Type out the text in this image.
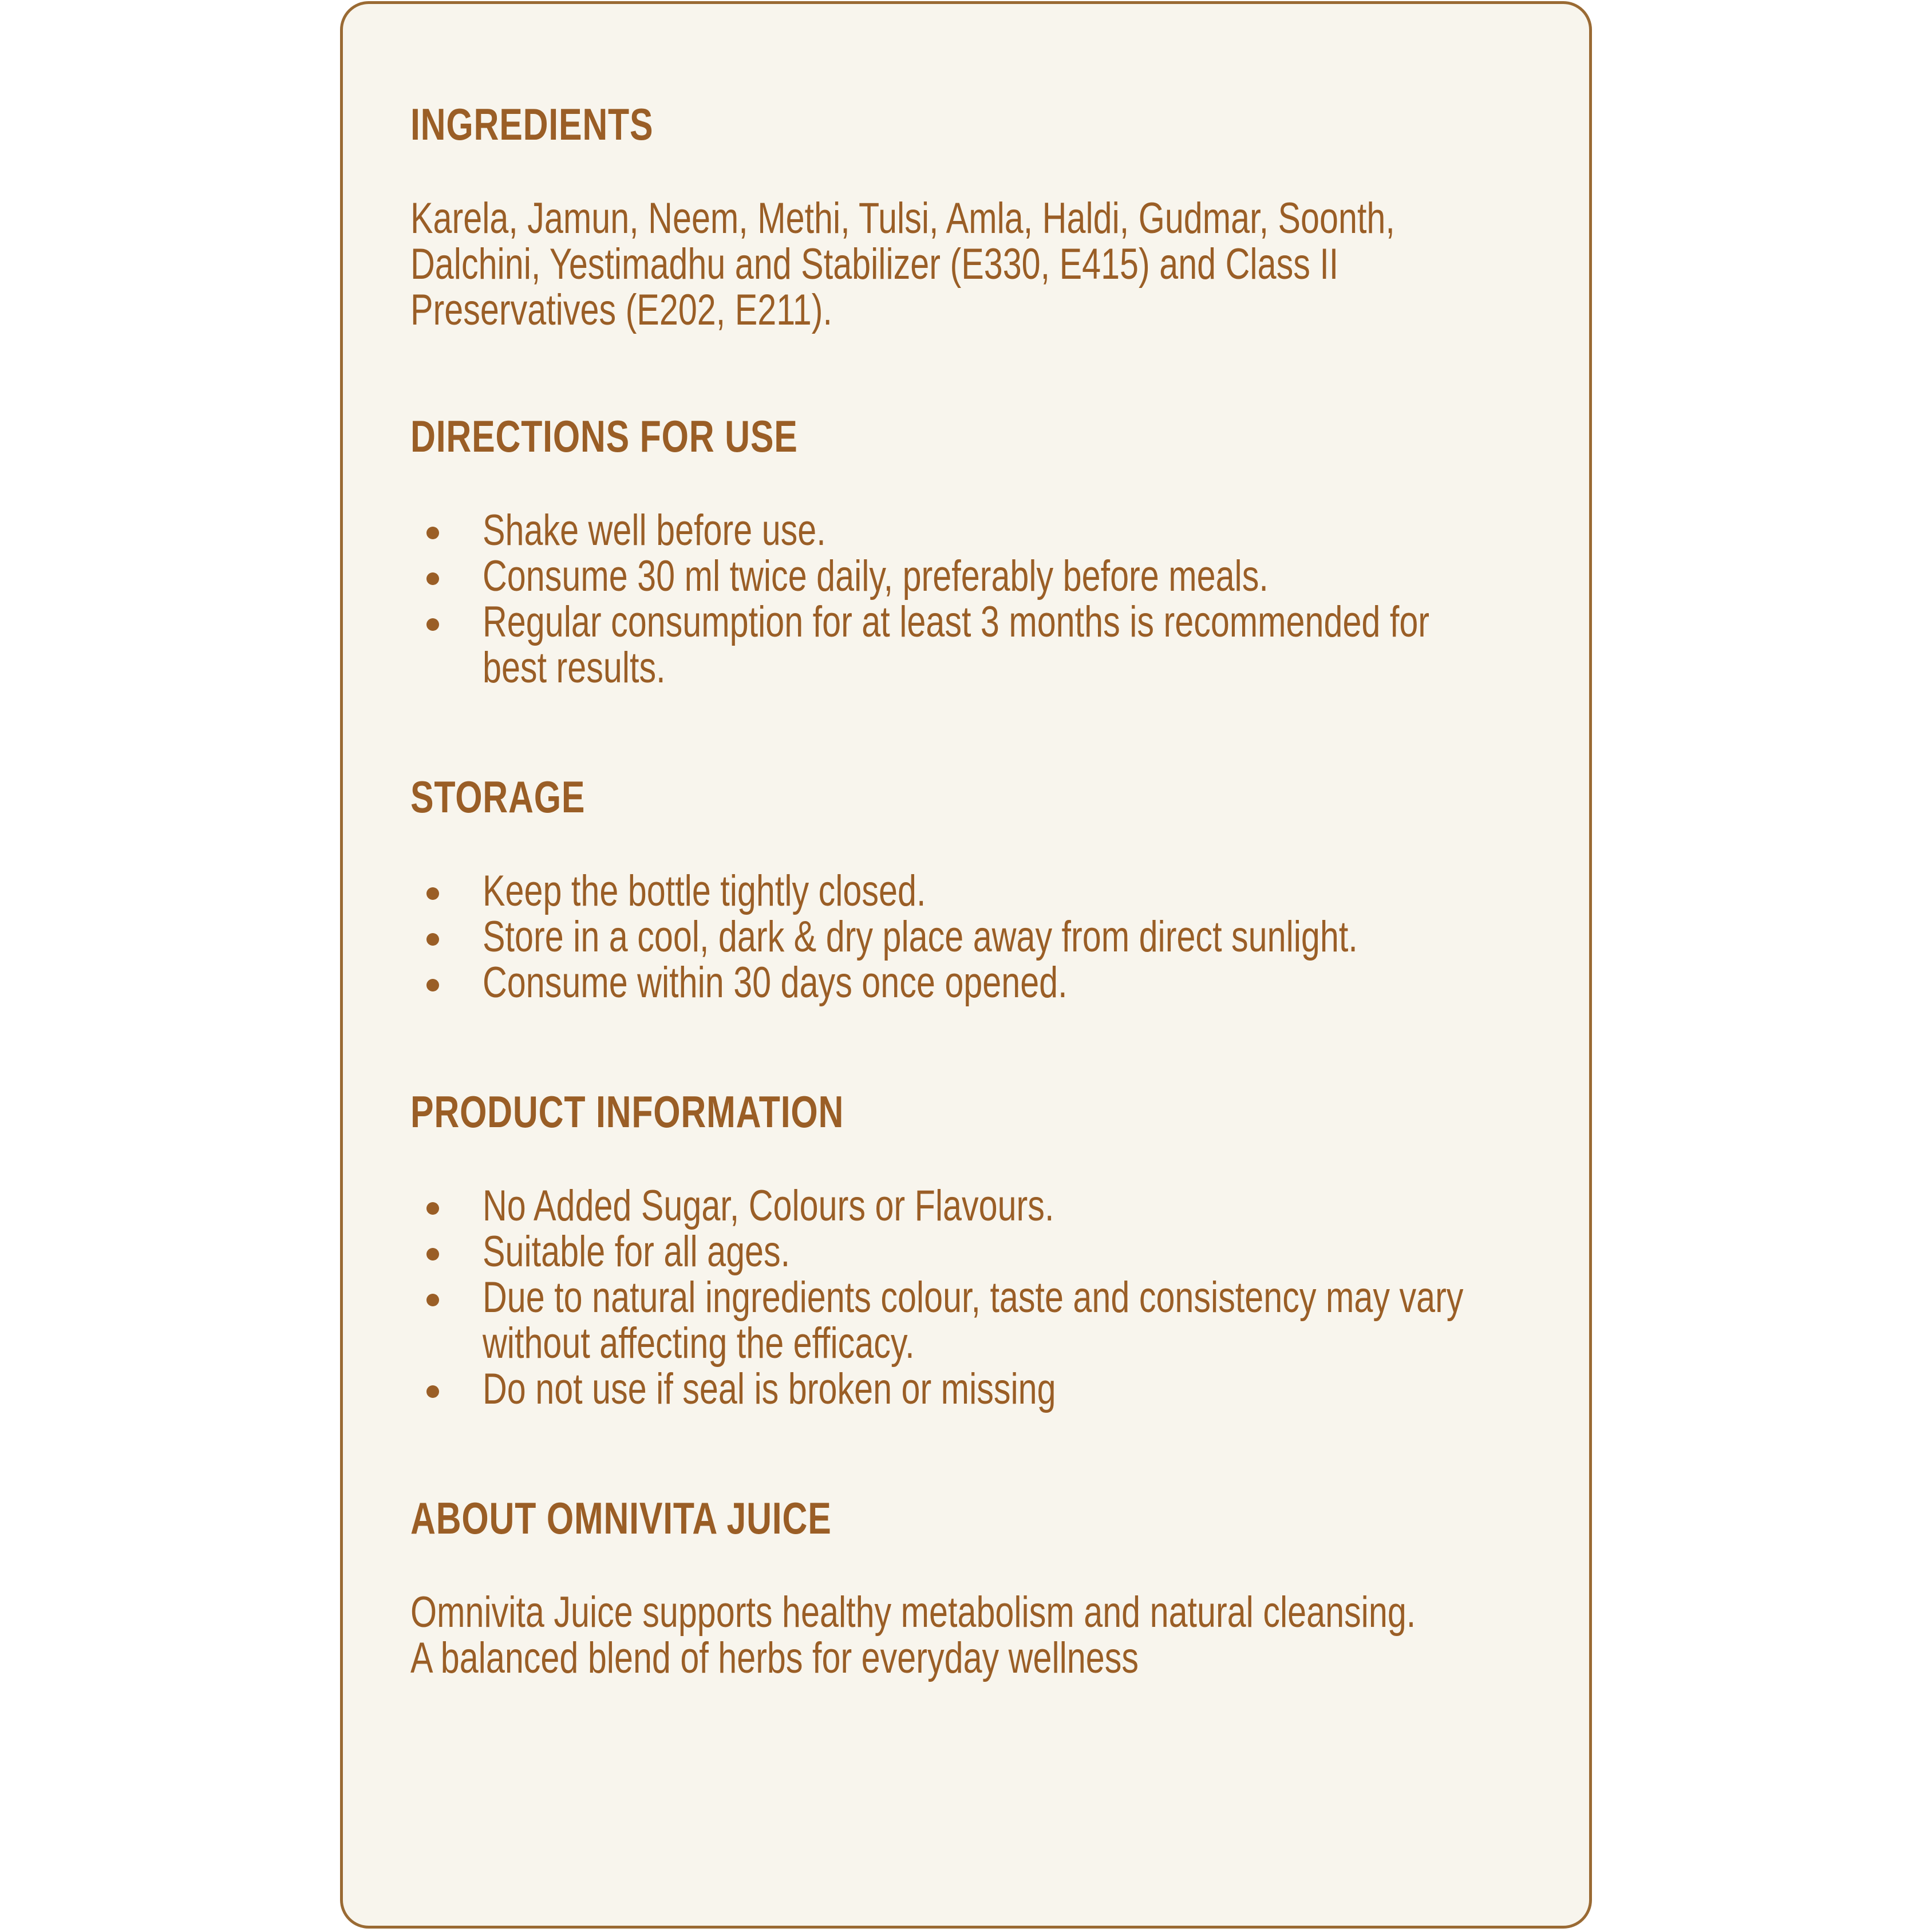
INGREDIENTS

Karela, Jamun, Neem, Methi, Tulsi, Amla, Haldi, Gudmar, Soonth, Dalchini, Yestimadhu and Stabilizer (E330, E415) and Class II Preservatives (E202, E211).

DIRECTIONS FOR USE
Shake well before use.
Consume 30 ml twice daily, preferably before meals.
Regular consumption for at least 3 months is recommended for best results.
STORAGE
Keep the bottle tightly closed.
Store in a cool, dark & dry place away from direct sunlight.
Consume within 30 days once opened.
PRODUCT INFORMATION
No Added Sugar, Colours or Flavours.
Suitable for all ages.
Due to natural ingredients colour, taste and consistency may vary without affecting the efficacy.
Do not use if seal is broken or missing
ABOUT OMNIVITA JUICE
Omnivita Juice supports healthy metabolism and natural cleansing.
A balanced blend of herbs for everyday wellness
